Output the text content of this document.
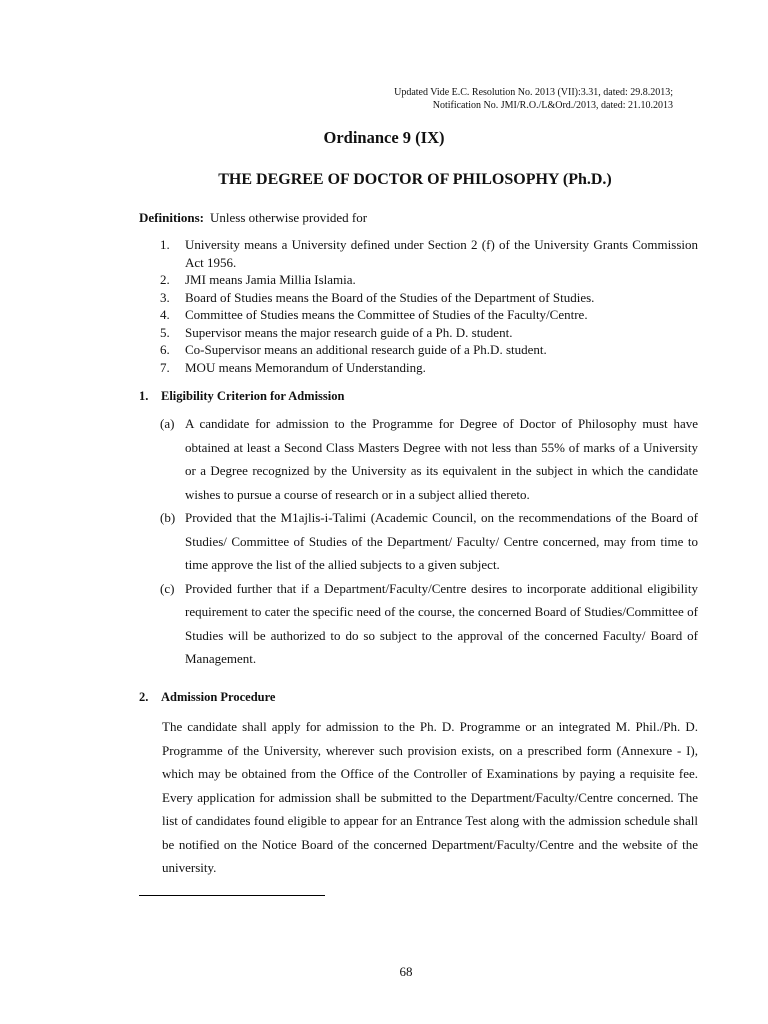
Updated Vide E.C. Resolution No. 2013 (VII):3.31, dated: 29.8.2013;
Notification No. JMI/R.O./L&Ord./2013, dated: 21.10.2013
Ordinance 9 (IX)
THE DEGREE OF DOCTOR OF PHILOSOPHY (Ph.D.)
Definitions: Unless otherwise provided for
1. University means a University defined under Section 2 (f) of the University Grants Commission Act 1956.
2. JMI means Jamia Millia Islamia.
3. Board of Studies means the Board of the Studies of the Department of Studies.
4. Committee of Studies means the Committee of Studies of the Faculty/Centre.
5. Supervisor means the major research guide of a Ph. D. student.
6. Co-Supervisor means an additional research guide of a Ph.D. student.
7. MOU means Memorandum of Understanding.
1. Eligibility Criterion for Admission
(a) A candidate for admission to the Programme for Degree of Doctor of Philosophy must have obtained at least a Second Class Masters Degree with not less than 55% of marks of a University or a Degree recognized by the University as its equivalent in the subject in which the candidate wishes to pursue a course of research or in a subject allied thereto.
(b) Provided that the M1ajlis-i-Talimi (Academic Council, on the recommendations of the Board of Studies/ Committee of Studies of the Department/ Faculty/ Centre concerned, may from time to time approve the list of the allied subjects to a given subject.
(c) Provided further that if a Department/Faculty/Centre desires to incorporate additional eligibility requirement to cater the specific need of the course, the concerned Board of Studies/Committee of Studies will be authorized to do so subject to the approval of the concerned Faculty/ Board of Management.
2. Admission Procedure
The candidate shall apply for admission to the Ph. D. Programme or an integrated M. Phil./Ph. D. Programme of the University, wherever such provision exists, on a prescribed form (Annexure - I), which may be obtained from the Office of the Controller of Examinations by paying a requisite fee. Every application for admission shall be submitted to the Department/Faculty/Centre concerned. The list of candidates found eligible to appear for an Entrance Test along with the admission schedule shall be notified on the Notice Board of the concerned Department/Faculty/Centre and the website of the university.
68
